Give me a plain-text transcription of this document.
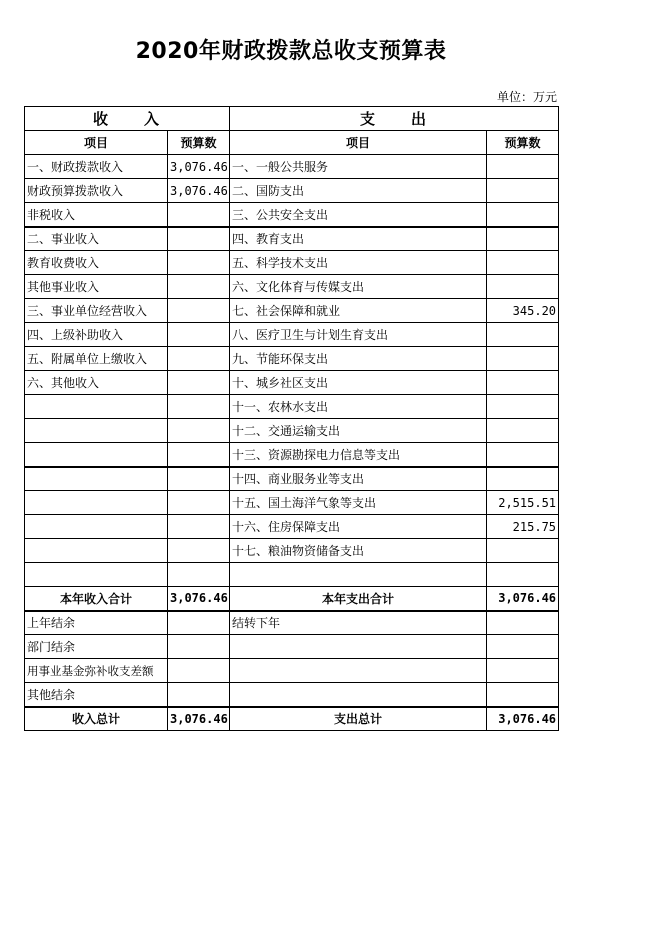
2020年财政拨款总收支预算表
单位：万元
收　　入		支　　出	
项目	预算数	项目	预算数
一、财政拨款收入	3,076.46	一、一般公共服务	
财政预算拨款收入	3,076.46	二、国防支出	
非税收入		三、公共安全支出	
二、事业收入		四、教育支出	
教育收费收入		五、科学技术支出	
其他事业收入		六、文化体育与传媒支出	
三、事业单位经营收入		七、社会保障和就业	345.20
四、上级补助收入		八、医疗卫生与计划生育支出	
五、附属单位上缴收入		九、节能环保支出	
六、其他收入		十、城乡社区支出	
		十一、农林水支出	
		十二、交通运输支出	
		十三、资源勘探电力信息等支出	
		十四、商业服务业等支出	
		十五、国土海洋气象等支出	2,515.51
		十六、住房保障支出	215.75
		十七、粮油物资储备支出	

本年收入合计	3,076.46	本年支出合计	3,076.46
上年结余		结转下年	
部门结余			
用事业基金弥补收支差额			
其他结余			
收入总计	3,076.46	支出总计	3,076.46
